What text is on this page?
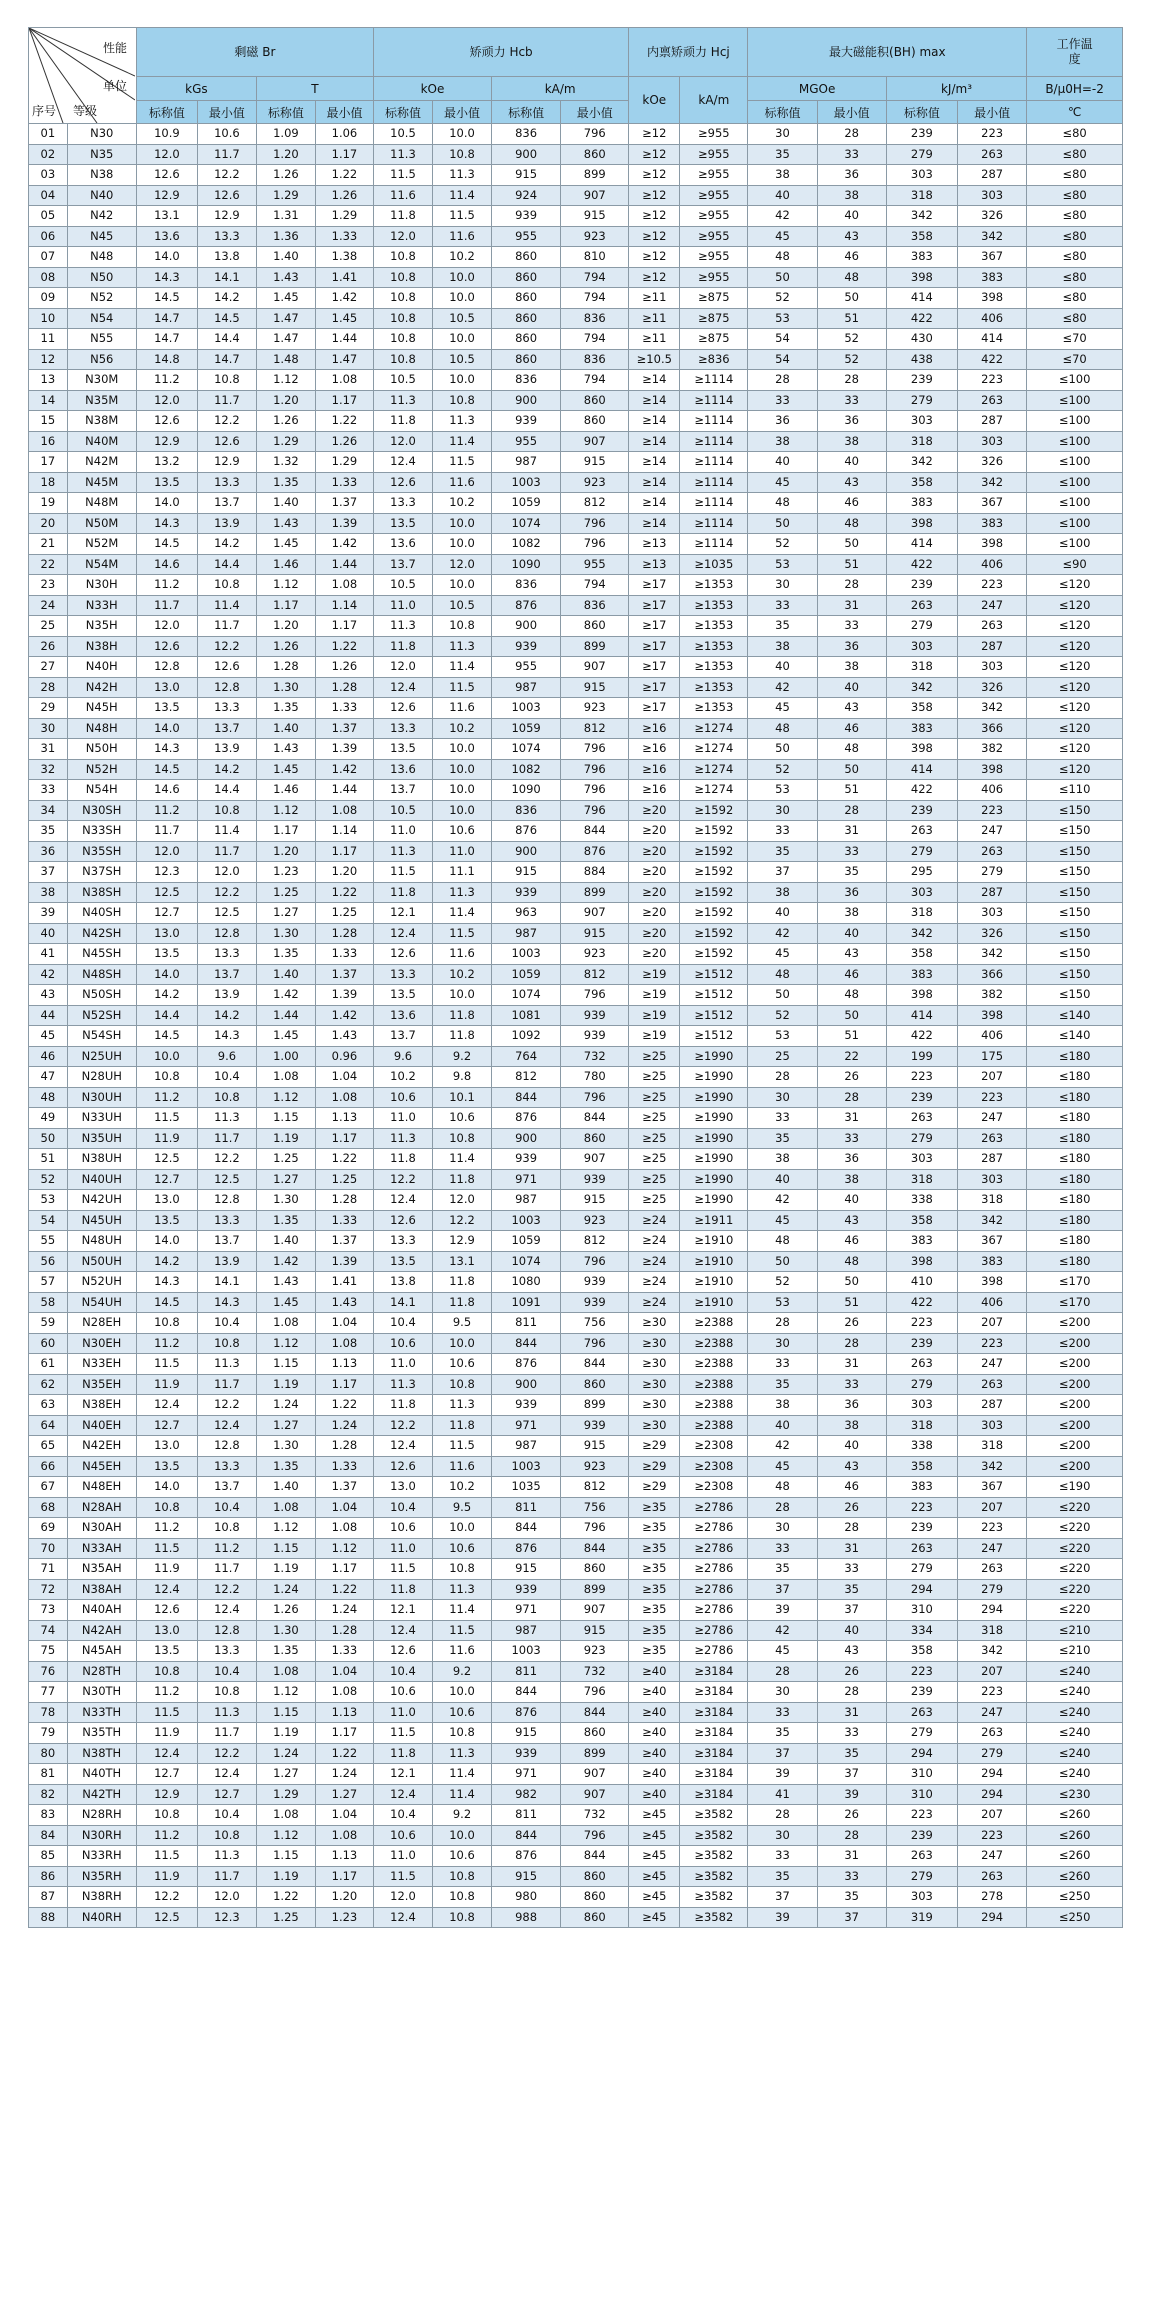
性能
单位
序号 等级		剩磁 Br				矫顽力 Hcb				内禀矫顽力 Hcj		最大磁能积(BH) max				工作温度
		kGs		T		kOe		kA/m		kOe	kA/m	MGOe		kJ/m³		B/μ0H=-2
		标称值	最小值	标称值	最小值	标称值	最小值	标称值	最小值			标称值	最小值	标称值	最小值	℃
01	N30	10.9	10.6	1.09	1.06	10.5	10.0	836	796	≥12	≥955	30	28	239	223	≤80
02	N35	12.0	11.7	1.20	1.17	11.3	10.8	900	860	≥12	≥955	35	33	279	263	≤80
03	N38	12.6	12.2	1.26	1.22	11.5	11.3	915	899	≥12	≥955	38	36	303	287	≤80
04	N40	12.9	12.6	1.29	1.26	11.6	11.4	924	907	≥12	≥955	40	38	318	303	≤80
05	N42	13.1	12.9	1.31	1.29	11.8	11.5	939	915	≥12	≥955	42	40	342	326	≤80
06	N45	13.6	13.3	1.36	1.33	12.0	11.6	955	923	≥12	≥955	45	43	358	342	≤80
07	N48	14.0	13.8	1.40	1.38	10.8	10.2	860	810	≥12	≥955	48	46	383	367	≤80
08	N50	14.3	14.1	1.43	1.41	10.8	10.0	860	794	≥12	≥955	50	48	398	383	≤80
09	N52	14.5	14.2	1.45	1.42	10.8	10.0	860	794	≥11	≥875	52	50	414	398	≤80
10	N54	14.7	14.5	1.47	1.45	10.8	10.5	860	836	≥11	≥875	53	51	422	406	≤80
11	N55	14.7	14.4	1.47	1.44	10.8	10.0	860	794	≥11	≥875	54	52	430	414	≤70
12	N56	14.8	14.7	1.48	1.47	10.8	10.5	860	836	≥10.5	≥836	54	52	438	422	≤70
13	N30M	11.2	10.8	1.12	1.08	10.5	10.0	836	794	≥14	≥1114	28	28	239	223	≤100
14	N35M	12.0	11.7	1.20	1.17	11.3	10.8	900	860	≥14	≥1114	33	33	279	263	≤100
15	N38M	12.6	12.2	1.26	1.22	11.8	11.3	939	860	≥14	≥1114	36	36	303	287	≤100
16	N40M	12.9	12.6	1.29	1.26	12.0	11.4	955	907	≥14	≥1114	38	38	318	303	≤100
17	N42M	13.2	12.9	1.32	1.29	12.4	11.5	987	915	≥14	≥1114	40	40	342	326	≤100
18	N45M	13.5	13.3	1.35	1.33	12.6	11.6	1003	923	≥14	≥1114	45	43	358	342	≤100
19	N48M	14.0	13.7	1.40	1.37	13.3	10.2	1059	812	≥14	≥1114	48	46	383	367	≤100
20	N50M	14.3	13.9	1.43	1.39	13.5	10.0	1074	796	≥14	≥1114	50	48	398	383	≤100
21	N52M	14.5	14.2	1.45	1.42	13.6	10.0	1082	796	≥13	≥1114	52	50	414	398	≤100
22	N54M	14.6	14.4	1.46	1.44	13.7	12.0	1090	955	≥13	≥1035	53	51	422	406	≤90
23	N30H	11.2	10.8	1.12	1.08	10.5	10.0	836	794	≥17	≥1353	30	28	239	223	≤120
24	N33H	11.7	11.4	1.17	1.14	11.0	10.5	876	836	≥17	≥1353	33	31	263	247	≤120
25	N35H	12.0	11.7	1.20	1.17	11.3	10.8	900	860	≥17	≥1353	35	33	279	263	≤120
26	N38H	12.6	12.2	1.26	1.22	11.8	11.3	939	899	≥17	≥1353	38	36	303	287	≤120
27	N40H	12.8	12.6	1.28	1.26	12.0	11.4	955	907	≥17	≥1353	40	38	318	303	≤120
28	N42H	13.0	12.8	1.30	1.28	12.4	11.5	987	915	≥17	≥1353	42	40	342	326	≤120
29	N45H	13.5	13.3	1.35	1.33	12.6	11.6	1003	923	≥17	≥1353	45	43	358	342	≤120
30	N48H	14.0	13.7	1.40	1.37	13.3	10.2	1059	812	≥16	≥1274	48	46	383	366	≤120
31	N50H	14.3	13.9	1.43	1.39	13.5	10.0	1074	796	≥16	≥1274	50	48	398	382	≤120
32	N52H	14.5	14.2	1.45	1.42	13.6	10.0	1082	796	≥16	≥1274	52	50	414	398	≤120
33	N54H	14.6	14.4	1.46	1.44	13.7	10.0	1090	796	≥16	≥1274	53	51	422	406	≤110
34	N30SH	11.2	10.8	1.12	1.08	10.5	10.0	836	796	≥20	≥1592	30	28	239	223	≤150
35	N33SH	11.7	11.4	1.17	1.14	11.0	10.6	876	844	≥20	≥1592	33	31	263	247	≤150
36	N35SH	12.0	11.7	1.20	1.17	11.3	11.0	900	876	≥20	≥1592	35	33	279	263	≤150
37	N37SH	12.3	12.0	1.23	1.20	11.5	11.1	915	884	≥20	≥1592	37	35	295	279	≤150
38	N38SH	12.5	12.2	1.25	1.22	11.8	11.3	939	899	≥20	≥1592	38	36	303	287	≤150
39	N40SH	12.7	12.5	1.27	1.25	12.1	11.4	963	907	≥20	≥1592	40	38	318	303	≤150
40	N42SH	13.0	12.8	1.30	1.28	12.4	11.5	987	915	≥20	≥1592	42	40	342	326	≤150
41	N45SH	13.5	13.3	1.35	1.33	12.6	11.6	1003	923	≥20	≥1592	45	43	358	342	≤150
42	N48SH	14.0	13.7	1.40	1.37	13.3	10.2	1059	812	≥19	≥1512	48	46	383	366	≤150
43	N50SH	14.2	13.9	1.42	1.39	13.5	10.0	1074	796	≥19	≥1512	50	48	398	382	≤150
44	N52SH	14.4	14.2	1.44	1.42	13.6	11.8	1081	939	≥19	≥1512	52	50	414	398	≤140
45	N54SH	14.5	14.3	1.45	1.43	13.7	11.8	1092	939	≥19	≥1512	53	51	422	406	≤140
46	N25UH	10.0	9.6	1.00	0.96	9.6	9.2	764	732	≥25	≥1990	25	22	199	175	≤180
47	N28UH	10.8	10.4	1.08	1.04	10.2	9.8	812	780	≥25	≥1990	28	26	223	207	≤180
48	N30UH	11.2	10.8	1.12	1.08	10.6	10.1	844	796	≥25	≥1990	30	28	239	223	≤180
49	N33UH	11.5	11.3	1.15	1.13	11.0	10.6	876	844	≥25	≥1990	33	31	263	247	≤180
50	N35UH	11.9	11.7	1.19	1.17	11.3	10.8	900	860	≥25	≥1990	35	33	279	263	≤180
51	N38UH	12.5	12.2	1.25	1.22	11.8	11.4	939	907	≥25	≥1990	38	36	303	287	≤180
52	N40UH	12.7	12.5	1.27	1.25	12.2	11.8	971	939	≥25	≥1990	40	38	318	303	≤180
53	N42UH	13.0	12.8	1.30	1.28	12.4	12.0	987	915	≥25	≥1990	42	40	338	318	≤180
54	N45UH	13.5	13.3	1.35	1.33	12.6	12.2	1003	923	≥24	≥1911	45	43	358	342	≤180
55	N48UH	14.0	13.7	1.40	1.37	13.3	12.9	1059	812	≥24	≥1910	48	46	383	367	≤180
56	N50UH	14.2	13.9	1.42	1.39	13.5	13.1	1074	796	≥24	≥1910	50	48	398	383	≤180
57	N52UH	14.3	14.1	1.43	1.41	13.8	11.8	1080	939	≥24	≥1910	52	50	410	398	≤170
58	N54UH	14.5	14.3	1.45	1.43	14.1	11.8	1091	939	≥24	≥1910	53	51	422	406	≤170
59	N28EH	10.8	10.4	1.08	1.04	10.4	9.5	811	756	≥30	≥2388	28	26	223	207	≤200
60	N30EH	11.2	10.8	1.12	1.08	10.6	10.0	844	796	≥30	≥2388	30	28	239	223	≤200
61	N33EH	11.5	11.3	1.15	1.13	11.0	10.6	876	844	≥30	≥2388	33	31	263	247	≤200
62	N35EH	11.9	11.7	1.19	1.17	11.3	10.8	900	860	≥30	≥2388	35	33	279	263	≤200
63	N38EH	12.4	12.2	1.24	1.22	11.8	11.3	939	899	≥30	≥2388	38	36	303	287	≤200
64	N40EH	12.7	12.4	1.27	1.24	12.2	11.8	971	939	≥30	≥2388	40	38	318	303	≤200
65	N42EH	13.0	12.8	1.30	1.28	12.4	11.5	987	915	≥29	≥2308	42	40	338	318	≤200
66	N45EH	13.5	13.3	1.35	1.33	12.6	11.6	1003	923	≥29	≥2308	45	43	358	342	≤200
67	N48EH	14.0	13.7	1.40	1.37	13.0	10.2	1035	812	≥29	≥2308	48	46	383	367	≤190
68	N28AH	10.8	10.4	1.08	1.04	10.4	9.5	811	756	≥35	≥2786	28	26	223	207	≤220
69	N30AH	11.2	10.8	1.12	1.08	10.6	10.0	844	796	≥35	≥2786	30	28	239	223	≤220
70	N33AH	11.5	11.2	1.15	1.12	11.0	10.6	876	844	≥35	≥2786	33	31	263	247	≤220
71	N35AH	11.9	11.7	1.19	1.17	11.5	10.8	915	860	≥35	≥2786	35	33	279	263	≤220
72	N38AH	12.4	12.2	1.24	1.22	11.8	11.3	939	899	≥35	≥2786	37	35	294	279	≤220
73	N40AH	12.6	12.4	1.26	1.24	12.1	11.4	971	907	≥35	≥2786	39	37	310	294	≤220
74	N42AH	13.0	12.8	1.30	1.28	12.4	11.5	987	915	≥35	≥2786	42	40	334	318	≤210
75	N45AH	13.5	13.3	1.35	1.33	12.6	11.6	1003	923	≥35	≥2786	45	43	358	342	≤210
76	N28TH	10.8	10.4	1.08	1.04	10.4	9.2	811	732	≥40	≥3184	28	26	223	207	≤240
77	N30TH	11.2	10.8	1.12	1.08	10.6	10.0	844	796	≥40	≥3184	30	28	239	223	≤240
78	N33TH	11.5	11.3	1.15	1.13	11.0	10.6	876	844	≥40	≥3184	33	31	263	247	≤240
79	N35TH	11.9	11.7	1.19	1.17	11.5	10.8	915	860	≥40	≥3184	35	33	279	263	≤240
80	N38TH	12.4	12.2	1.24	1.22	11.8	11.3	939	899	≥40	≥3184	37	35	294	279	≤240
81	N40TH	12.7	12.4	1.27	1.24	12.1	11.4	971	907	≥40	≥3184	39	37	310	294	≤240
82	N42TH	12.9	12.7	1.29	1.27	12.4	11.4	982	907	≥40	≥3184	41	39	310	294	≤230
83	N28RH	10.8	10.4	1.08	1.04	10.4	9.2	811	732	≥45	≥3582	28	26	223	207	≤260
84	N30RH	11.2	10.8	1.12	1.08	10.6	10.0	844	796	≥45	≥3582	30	28	239	223	≤260
85	N33RH	11.5	11.3	1.15	1.13	11.0	10.6	876	844	≥45	≥3582	33	31	263	247	≤260
86	N35RH	11.9	11.7	1.19	1.17	11.5	10.8	915	860	≥45	≥3582	35	33	279	263	≤260
87	N38RH	12.2	12.0	1.22	1.20	12.0	10.8	980	860	≥45	≥3582	37	35	303	278	≤250
88	N40RH	12.5	12.3	1.25	1.23	12.4	10.8	988	860	≥45	≥3582	39	37	319	294	≤250
